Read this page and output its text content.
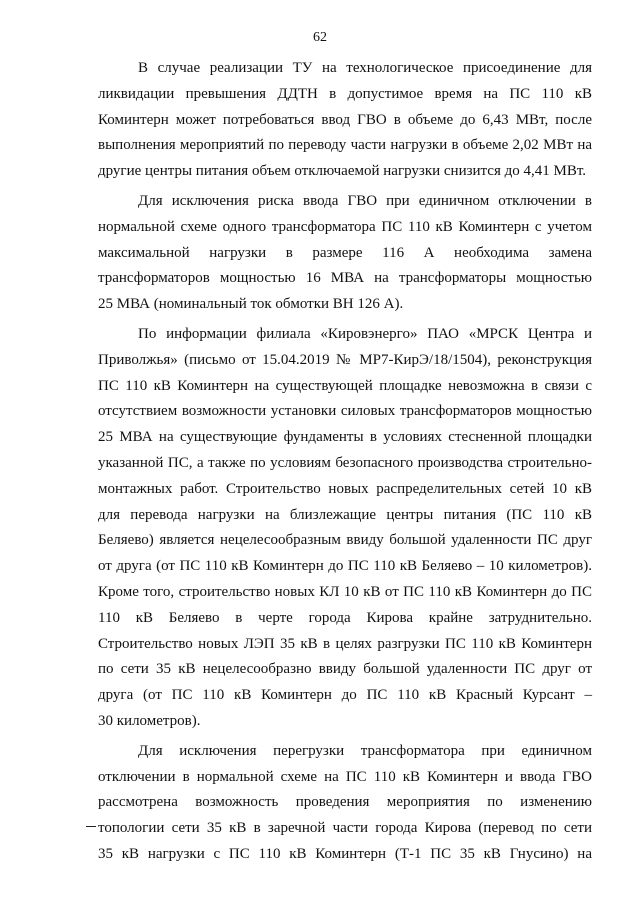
62

В случае реализации ТУ на технологическое присоединение для
ликвидации превышения ДДТН в допустимое время на ПС 110 кВ
Коминтерн может потребоваться ввод ГВО в объеме до 6,43 МВт, после
выполнения мероприятий по переводу части нагрузки в объеме 2,02 МВт на
другие центры питания объем отключаемой нагрузки снизится до 4,41 МВт.

Для исключения риска ввода ГВО при единичном отключении в
нормальной схеме одного трансформатора ПС 110 кВ Коминтерн с учетом
максимальной нагрузки в размере 116 А необходима замена
трансформаторов мощностью 16 МВА на трансформаторы мощностью
25 МВА (номинальный ток обмотки ВН 126 А).

По информации филиала «Кировэнерго» ПАО «МРСК Центра и
Приволжья» (письмо от 15.04.2019 № МР7-КирЭ/18/1504), реконструкция
ПС 110 кВ Коминтерн на существующей площадке невозможна в связи с
отсутствием возможности установки силовых трансформаторов мощностью
25 МВА на существующие фундаменты в условиях стесненной площадки
указанной ПС, а также по условиям безопасного производства строительно-
монтажных работ. Строительство новых распределительных сетей 10 кВ
для перевода нагрузки на близлежащие центры питания (ПС 110 кВ
Беляево) является нецелесообразным ввиду большой удаленности ПС друг
от друга (от ПС 110 кВ Коминтерн до ПС 110 кВ Беляево – 10 километров).
Кроме того, строительство новых КЛ 10 кВ от ПС 110 кВ Коминтерн до ПС
110 кВ Беляево в черте города Кирова крайне затруднительно.
Строительство новых ЛЭП 35 кВ в целях разгрузки ПС 110 кВ Коминтерн
по сети 35 кВ нецелесообразно ввиду большой удаленности ПС друг от
друга (от ПС 110 кВ Коминтерн до ПС 110 кВ Красный Курсант –
30 километров).

Для исключения перегрузки трансформатора при единичном
отключении в нормальной схеме на ПС 110 кВ Коминтерн и ввода ГВО
рассмотрена возможность проведения мероприятия по изменению
топологии сети 35 кВ в заречной части города Кирова (перевод по сети
35 кВ нагрузки с ПС 110 кВ Коминтерн (Т-1 ПС 35 кВ Гнусино) на
